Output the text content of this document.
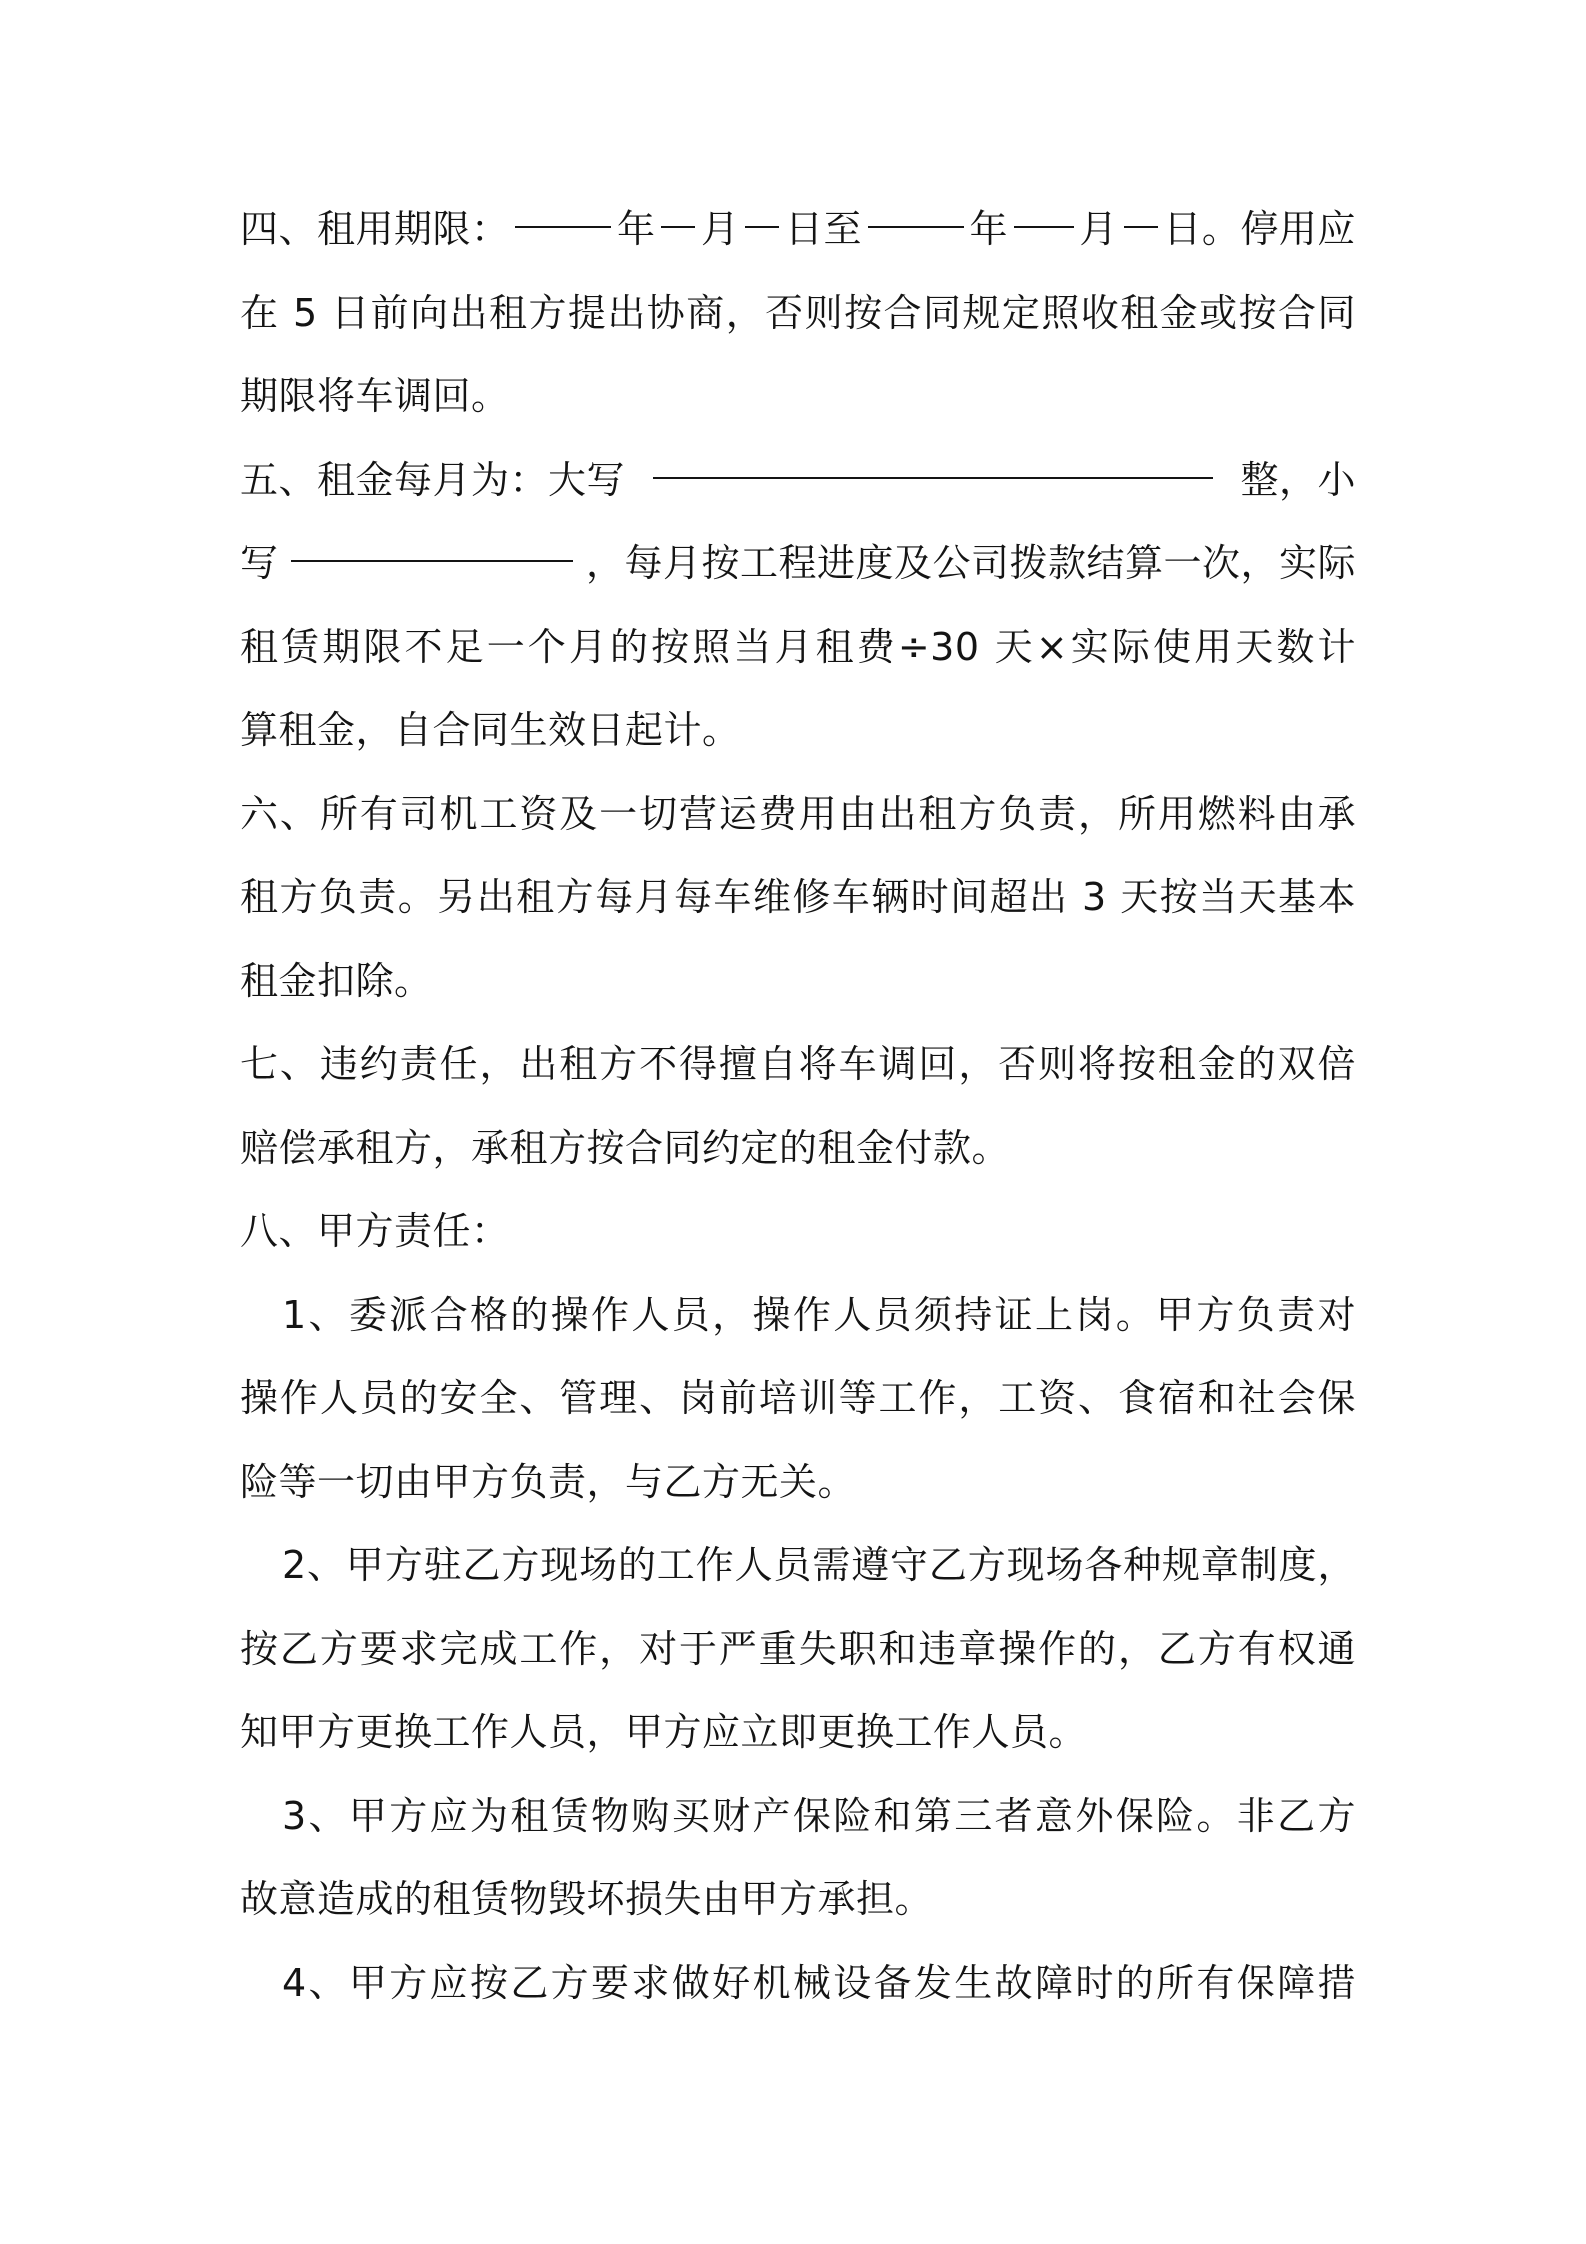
四、租用期限：	年 月 日至	年 月 日。停用应
在 5 日前向出租方提出协商，否则按合同规定照收租金或按合同
期限将车调回。
五、租金每月为：大写	整，小
写	，每月按工程进度及公司拨款结算一次，实际
租赁期限不足一个月的按照当月租费÷30 天×实际使用天数计
算租金，自合同生效日起计。
六、所有司机工资及一切营运费用由出租方负责，所用燃料由承
租方负责。另出租方每月每车维修车辆时间超出 3 天按当天基本
租金扣除。
七、违约责任，出租方不得擅自将车调回，否则将按租金的双倍
赔偿承租方，承租方按合同约定的租金付款。
八、甲方责任：
1、委派合格的操作人员，操作人员须持证上岗。甲方负责对
操作人员的安全、管理、岗前培训等工作，工资、食宿和社会保
险等一切由甲方负责，与乙方无关。
2、甲方驻乙方现场的工作人员需遵守乙方现场各种规章制度，
按乙方要求完成工作，对于严重失职和违章操作的，乙方有权通
知甲方更换工作人员，甲方应立即更换工作人员。
3、甲方应为租赁物购买财产保险和第三者意外保险。非乙方
故意造成的租赁物毁坏损失由甲方承担。
4、甲方应按乙方要求做好机械设备发生故障时的所有保障措
